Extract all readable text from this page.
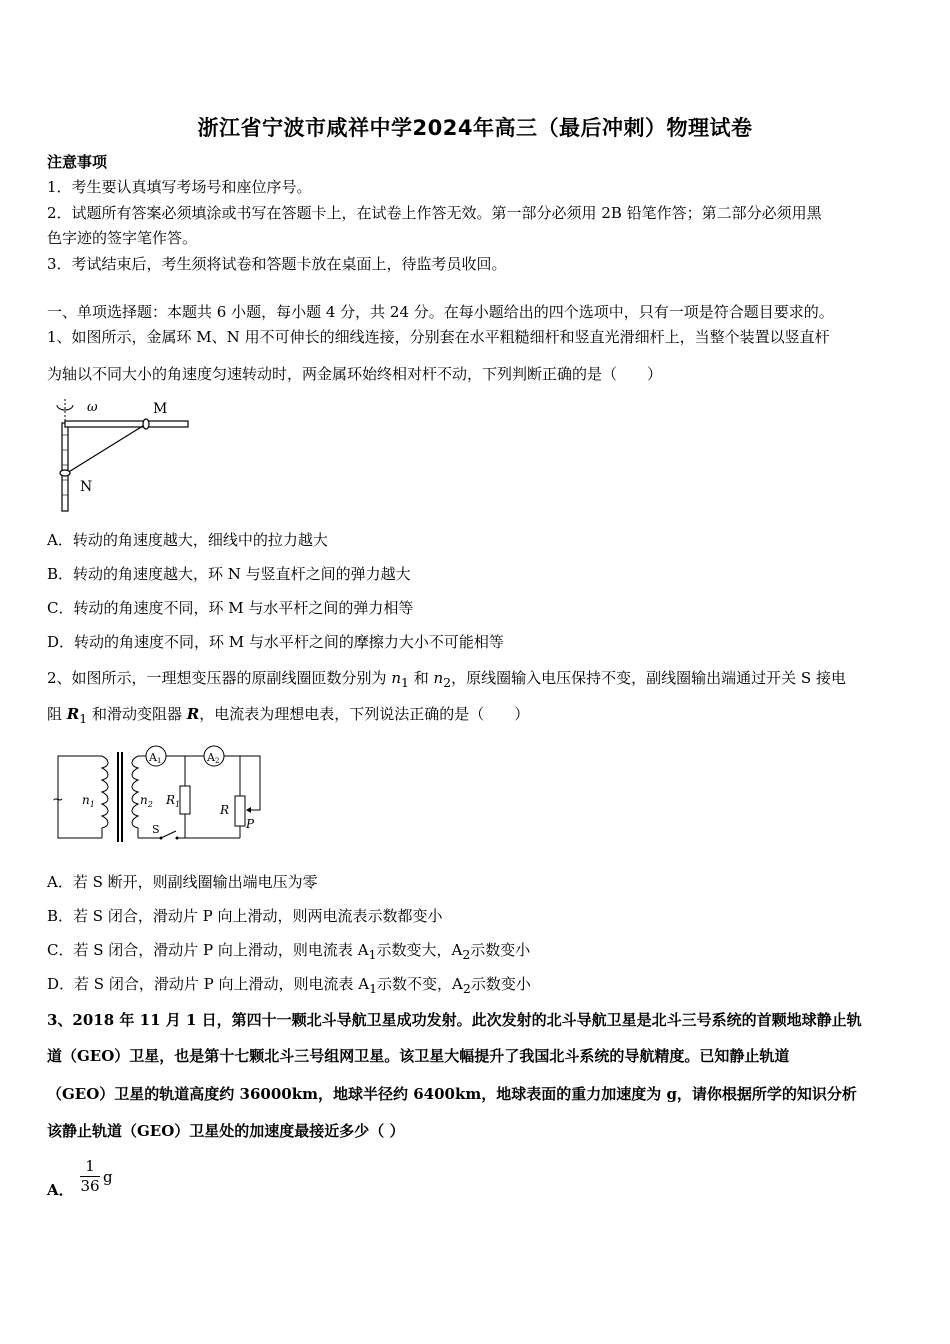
浙江省宁波市咸祥中学2024年高三（最后冲刺）物理试卷
注意事项
1．考生要认真填写考场号和座位序号。
2．试题所有答案必须填涂或书写在答题卡上，在试卷上作答无效。第一部分必须用 2B 铅笔作答；第二部分必须用黑
色字迹的签字笔作答。
3．考试结束后，考生须将试卷和答题卡放在桌面上，待监考员收回。
一、单项选择题：本题共 6 小题，每小题 4 分，共 24 分。在每小题给出的四个选项中，只有一项是符合题目要求的。
1、如图所示，金属环 M、N 用不可伸长的细线连接，分别套在水平粗糙细杆和竖直光滑细杆上，当整个装置以竖直杆
为轴以不同大小的角速度匀速转动时，两金属环始终相对杆不动，下列判断正确的是（　　）
ω	M
N
A．转动的角速度越大，细线中的拉力越大
B．转动的角速度越大，环 N 与竖直杆之间的弹力越大
C．转动的角速度不同，环 M 与水平杆之间的弹力相等
D．转动的角速度不同，环 M 与水平杆之间的摩擦力大小不可能相等
2、如图所示，一理想变压器的原副线圈匝数分别为 $n_1$ 和 $n_2$，原线圈输入电压保持不变，副线圈输出端通过开关 S 接电
阻 $R_1$ 和滑动变阻器 R，电流表为理想电表，下列说法正确的是（　　）
~ $n_1$	$n_2$
A1	A2
$R_1$	R
P
S
A．若 S 断开，则副线圈输出端电压为零
B．若 S 闭合，滑动片 P 向上滑动，则两电流表示数都变小
C．若 S 闭合，滑动片 P 向上滑动，则电流表 $A_1$示数变大，$A_2$示数变小
D．若 S 闭合，滑动片 P 向上滑动，则电流表 $A_1$示数不变，$A_2$示数变小
3、2018 年 11 月 1 日，第四十一颗北斗导航卫星成功发射。此次发射的北斗导航卫星是北斗三号系统的首颗地球静止轨
道（GEO）卫星，也是第十七颗北斗三号组网卫星。该卫星大幅提升了我国北斗系统的导航精度。已知静止轨道
（GEO）卫星的轨道高度约 36000km，地球半径约 6400km，地球表面的重力加速度为 g，请你根据所学的知识分析
该静止轨道（GEO）卫星处的加速度最接近多少（ ）
A． $\frac{1}{36}$ g
